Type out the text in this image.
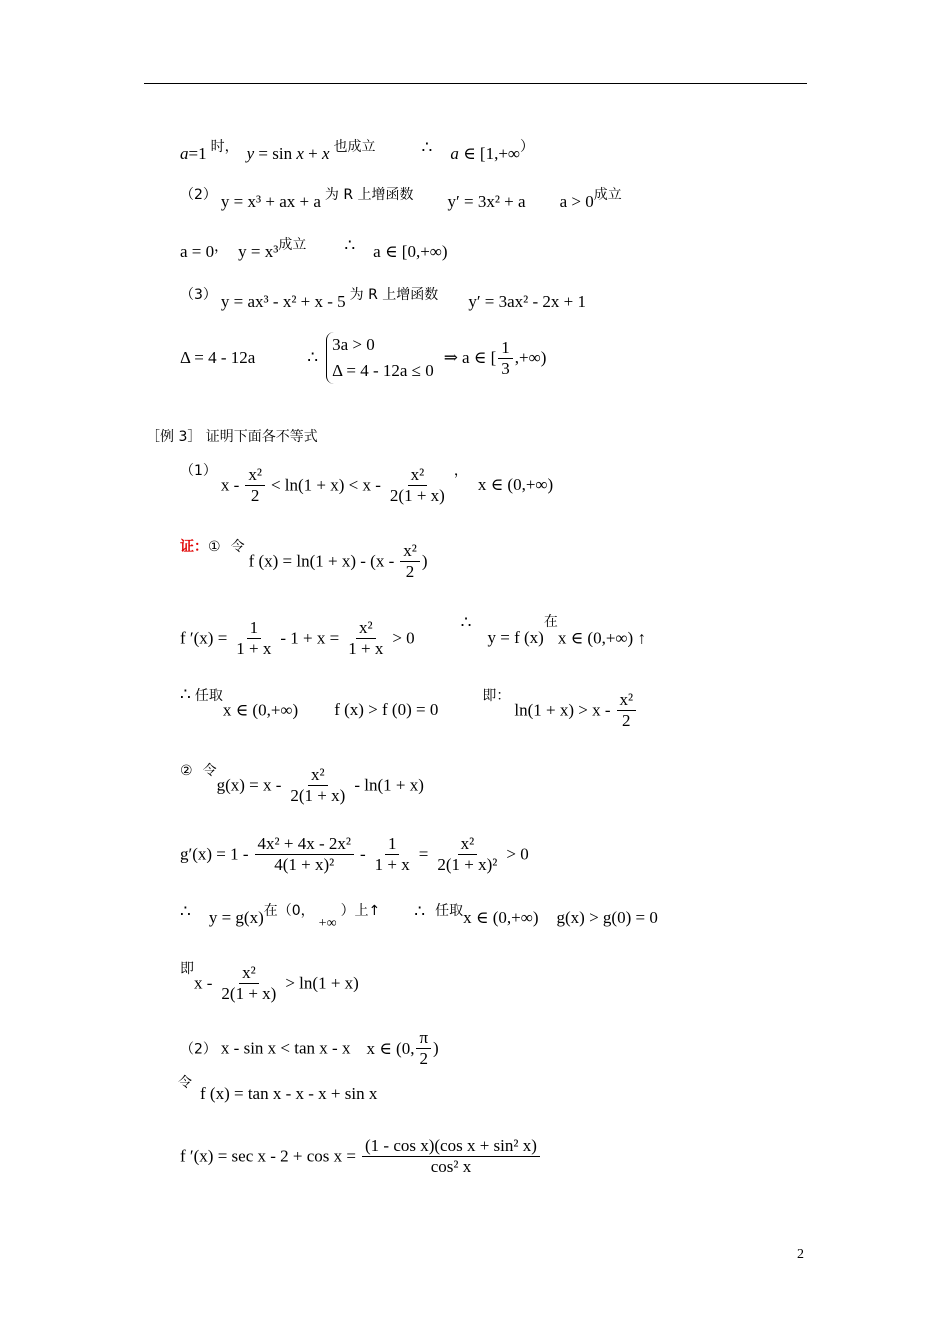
a=1 时， y = sin x + x 也成立	∴ a ∈ [1,+∞）
（2） y = x³ + ax + a 为 R 上增函数 y′ = 3x² + a a > 0成立
a = 0， y = x³成立 ∴ a ∈ [0,+∞)
（3） y = ax³ - x² + x - 5 为 R 上增函数 y′ = 3ax² - 2x + 1
Δ = 4 - 12a	∴
3a > 0
Δ = 4 - 12a ≤ 0
⇒ a ∈ [ $\frac{1}{3}$ ,+∞)
［例 3］ 证明下面各不等式
（1） $x - \frac{\text{x²}}{2} < \ln(1 + x) < x - \frac{\text{x²}}{2(1 + x)}$ ， x ∈ (0,+∞)
证：① 令 f $(x) = \ln(1 + x) - (x - \frac{\text{x²}}{2}$ )
f $'(x) = \frac{1}{1 + x} - 1 + x = \frac{\text{x²}}{1 + x} > 0$ ∴ y = f (x)在x ∈ (0,+∞) ↑
∴ 任取x ∈ (0,+∞) f (x) > f (0) = 0 即： $\ln(1 + x) > x - \frac{\text{x²}}{2}$
② 令$g(x) = x - \frac{\text{x²}}{2(1 + x)} - \ln(1 + x)$
$g'(x) = 1 - \frac{\text{4x² + 4x - 2x²}}{\text{4(1 + x)²}} - \frac{1}{1 + x} = \frac{\text{x²}}{\text{2(1 + x)²}} > 0$
∴ y = g(x)在（0， +∞ ）上↑ ∴ 任取x ∈ (0,+∞) g(x) > g(0) = 0
即$x - \frac{\text{x²}}{2(1 + x)} > \ln(1 + x)$
（2） x - sin x < tan x - x x ∈ (0, $\frac{\pi}{2}$ )
令
f (x) = tan x - x - x + sin x
f $'(x) = \sec x - 2 + \cos x = \frac{\text{(1 - cos x)(cos x + sin² x)}}{\text{cos² x}}$
2
